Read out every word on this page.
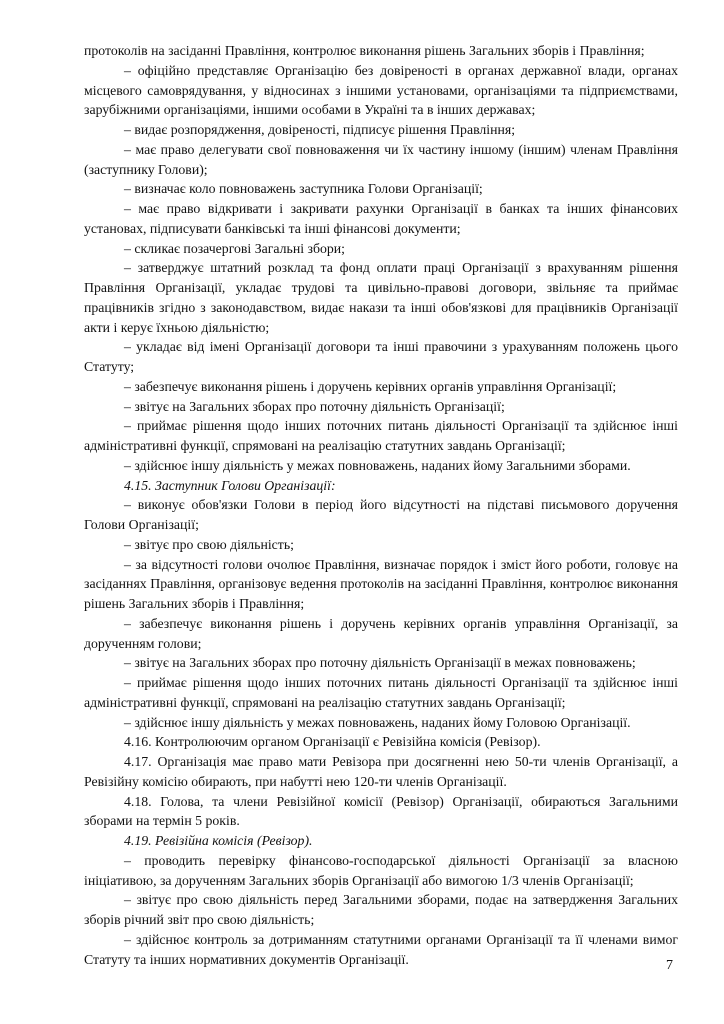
протоколів на засіданні Правління, контролює виконання рішень Загальних зборів і Правління;

– офіційно представляє Організацію без довіреності в органах державної влади, органах місцевого самоврядування, у відносинах з іншими установами, організаціями та підприємствами, зарубіжними організаціями, іншими особами в Україні та в інших державах;

– видає розпорядження, довіреності, підписує рішення Правління;

– має право делегувати свої повноваження чи їх частину іншому (іншим) членам Правління (заступнику Голови);

– визначає коло повноважень заступника Голови Організації;

– має право відкривати і закривати рахунки Організації в банках та інших фінансових установах, підписувати банківські та інші фінансові документи;

– скликає позачергові Загальні збори;

– затверджує штатний розклад та фонд оплати праці Організації з врахуванням рішення Правління Організації, укладає трудові та цивільно-правові договори, звільняє та приймає працівників згідно з законодавством, видає накази та інші обов'язкові для працівників Організації акти і керує їхньою діяльністю;

– укладає від імені Організації договори та інші правочини з урахуванням положень цього Статуту;

– забезпечує виконання рішень і доручень керівних органів управління Організації;

– звітує на Загальних зборах про поточну діяльність Організації;

– приймає рішення щодо інших поточних питань діяльності Організації та здійснює інші адміністративні функції, спрямовані на реалізацію статутних завдань Організації;

– здійснює іншу діяльність у межах повноважень, наданих йому Загальними зборами.

4.15. Заступник Голови Організації:

– виконує обов'язки Голови в період його відсутності на підставі письмового доручення Голови Організації;

– звітує про свою діяльність;

– за відсутності голови очолює Правління, визначає порядок і зміст його роботи, головує на засіданнях Правління, організовує ведення протоколів на засіданні Правління, контролює виконання рішень Загальних зборів і Правління;

– забезпечує виконання рішень і доручень керівних органів управління Організації, за дорученням голови;

– звітує на Загальних зборах про поточну діяльність Організації в межах повноважень;

– приймає рішення щодо інших поточних питань діяльності Організації та здійснює інші адміністративні функції, спрямовані на реалізацію статутних завдань Організації;

– здійснює іншу діяльність у межах повноважень, наданих йому Головою Організації.

4.16. Контролюючим органом Організації є Ревізійна комісія (Ревізор).

4.17. Організація має право мати Ревізора при досягненні нею 50-ти членів Організації, а Ревізійну комісію обирають, при набутті нею 120-ти членів Організації.

4.18. Голова, та члени Ревізійної комісії (Ревізор) Організації, обираються Загальними зборами на термін 5 років.

4.19. Ревізійна комісія (Ревізор).

– проводить перевірку фінансово-господарської діяльності Організації за власною ініціативою, за дорученням Загальних зборів Організації або вимогою 1/3 членів Організації;

– звітує про свою діяльність перед Загальними зборами, подає на затвердження Загальних зборів річний звіт про свою діяльність;

– здійснює контроль за дотриманням статутними органами Організації та її членами вимог Статуту та інших нормативних документів Організації.	7
